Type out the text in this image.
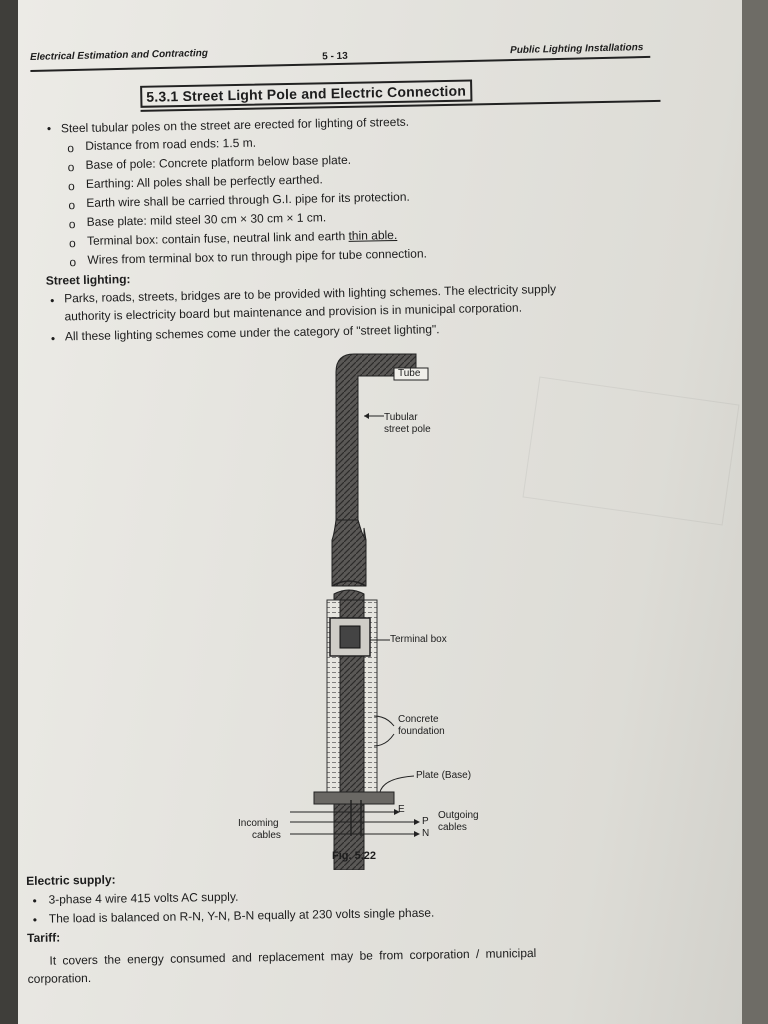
Electrical Estimation and Contracting	5 - 13
Public Lighting Installations
5.3.1 Street Light Pole and Electric Connection
• Steel tubular poles on the street are erected for lighting of streets.
o Distance from road ends: 1.5 m.
o Base of pole: Concrete platform below base plate.
o Earthing: All poles shall be perfectly earthed.
o Earth wire shall be carried through G.I. pipe for its protection.
o Base plate: mild steel 30 cm × 30 cm × 1 cm.
o Terminal box: contain fuse, neutral link and earth thin able.
o Wires from terminal box to run through pipe for tube connection.
Street lighting:
• Parks, roads, streets, bridges are to be provided with lighting schemes. The electricity supply
authority is electricity board but maintenance and provision is in municipal corporation.
• All these lighting schemes come under the category of "street lighting".
Tube
Tubular
street pole
Terminal box
Concrete
foundation
Plate (Base)
Incoming
cables
E
P
N
Outgoing
cables
Fig. 5.22
Electric supply:
• 3-phase 4 wire 415 volts AC supply.
• The load is balanced on R-N, Y-N, B-N equally at 230 volts single phase.
Tariff:
It covers the energy consumed and replacement may be from corporation / municipal
corporation.
